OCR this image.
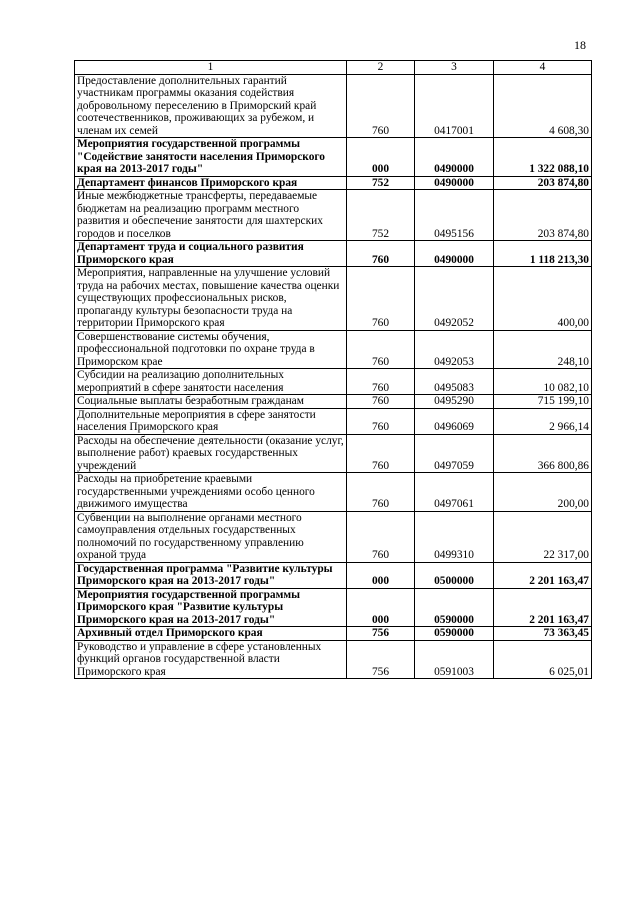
18
1	2	3	4
Предоставление дополнительных гарантий участникам программы оказания содействия добровольному переселению в Приморский край соотечественников, проживающих за рубежом, и членам их семей	760	0417001	4 608,30
Мероприятия государственной программы "Содействие занятости населения Приморского края на 2013-2017 годы"	000	0490000	1 322 088,10
Департамент финансов Приморского края	752	0490000	203 874,80
Иные межбюджетные трансферты, передаваемые бюджетам на реализацию программ местного развития и обеспечение занятости для шахтерских городов и поселков	752	0495156	203 874,80
Департамент труда и социального развития Приморского края	760	0490000	1 118 213,30
Мероприятия, направленные на улучшение условий труда на рабочих местах, повышение качества оценки существующих профессиональных рисков, пропаганду культуры безопасности труда на территории Приморского края	760	0492052	400,00
Совершенствование системы обучения, профессиональной подготовки по охране труда в Приморском крае	760	0492053	248,10
Субсидии на реализацию дополнительных мероприятий в сфере занятости населения	760	0495083	10 082,10
Социальные выплаты безработным гражданам	760	0495290	715 199,10
Дополнительные мероприятия в сфере занятости населения Приморского края	760	0496069	2 966,14
Расходы на обеспечение деятельности (оказание услуг, выполнение работ) краевых государственных учреждений	760	0497059	366 800,86
Расходы на приобретение краевыми государственными учреждениями особо ценного движимого имущества	760	0497061	200,00
Субвенции на выполнение органами местного самоуправления отдельных государственных полномочий по государственному управлению охраной труда	760	0499310	22 317,00
Государственная программа "Развитие культуры Приморского края на 2013-2017 годы"	000	0500000	2 201 163,47
Мероприятия государственной программы Приморского края "Развитие культуры Приморского края на 2013-2017 годы"	000	0590000	2 201 163,47
Архивный отдел Приморского края	756	0590000	73 363,45
Руководство и управление в сфере установленных функций органов государственной власти Приморского края	756	0591003	6 025,01
